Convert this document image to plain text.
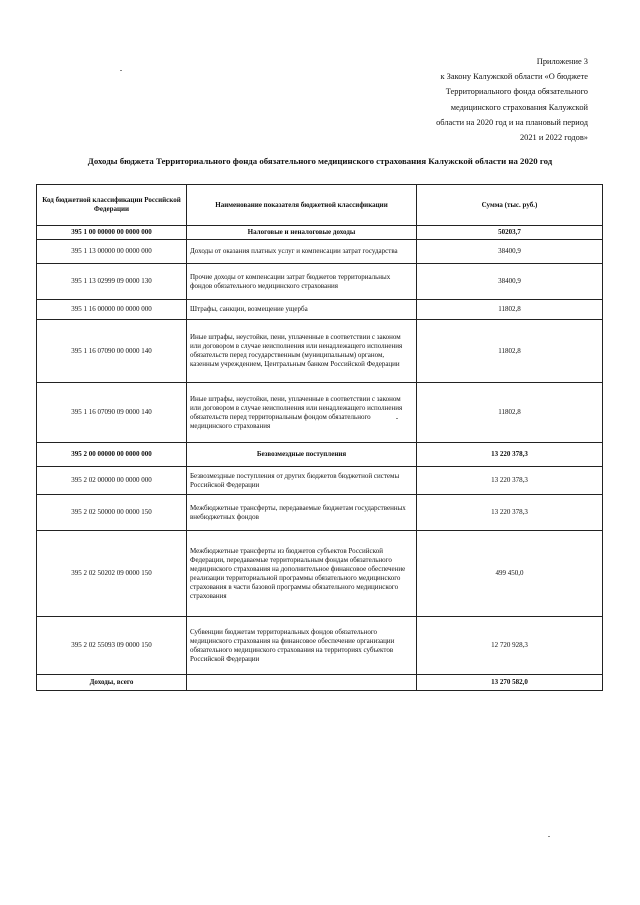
Приложение 3
к Закону Калужской области «О бюджете
Территориального фонда обязательного
медицинского страхования Калужской
области на 2020 год и на плановый период
2021 и 2022 годов»
Доходы бюджета Территориального фонда обязательного медицинского страхования Калужской области на 2020 год
Код бюджетной классификации Российской Федерации	Наименование показателя бюджетной классификации	Сумма (тыс. руб.)
395 1 00 00000 00 0000 000	Налоговые и неналоговые доходы	50203,7
395 1 13 00000 00 0000 000	Доходы от оказания платных услуг и компенсации затрат государства	38400,9
395 1 13 02999 09 0000 130	Прочие доходы от компенсации затрат бюджетов территориальных фондов обязательного медицинского страхования	38400,9
395 1 16 00000 00 0000 000	Штрафы, санкции, возмещение ущерба	11802,8
395 1 16 07090 00 0000 140	Иные штрафы, неустойки, пени, уплаченные в соответствии с законом или договором в случае неисполнения или ненадлежащего исполнения обязательств перед государственным (муниципальным) органом, казенным учреждением, Центральным банком Российской Федерации	11802,8
395 1 16 07090 09 0000 140	Иные штрафы, неустойки, пени, уплаченные в соответствии с законом или договором в случае неисполнения или ненадлежащего исполнения обязательств перед территориальным фондом обязательного медицинского страхования	11802,8
395 2 00 00000 00 0000 000	Безвозмездные поступления	13 220 378,3
395 2 02 00000 00 0000 000	Безвозмездные поступления от других бюджетов бюджетной системы Российской Федерации	13 220 378,3
395 2 02 50000 00 0000 150	Межбюджетные трансферты, передаваемые бюджетам государственных внебюджетных фондов	13 220 378,3
395 2 02 50202 09 0000 150	Межбюджетные трансферты из бюджетов субъектов Российской Федерации, передаваемые территориальным фондам обязательного медицинского страхования на дополнительное финансовое обеспечение реализации территориальной программы обязательного медицинского страхования в части базовой программы обязательного медицинского страхования	499 450,0
395 2 02 55093 09 0000 150	Субвенции бюджетам территориальных фондов обязательного медицинского страхования на финансовое обеспечение организации обязательного медицинского страхования на территориях субъектов Российской Федерации	12 720 928,3
Доходы, всего		13 270 582,0
